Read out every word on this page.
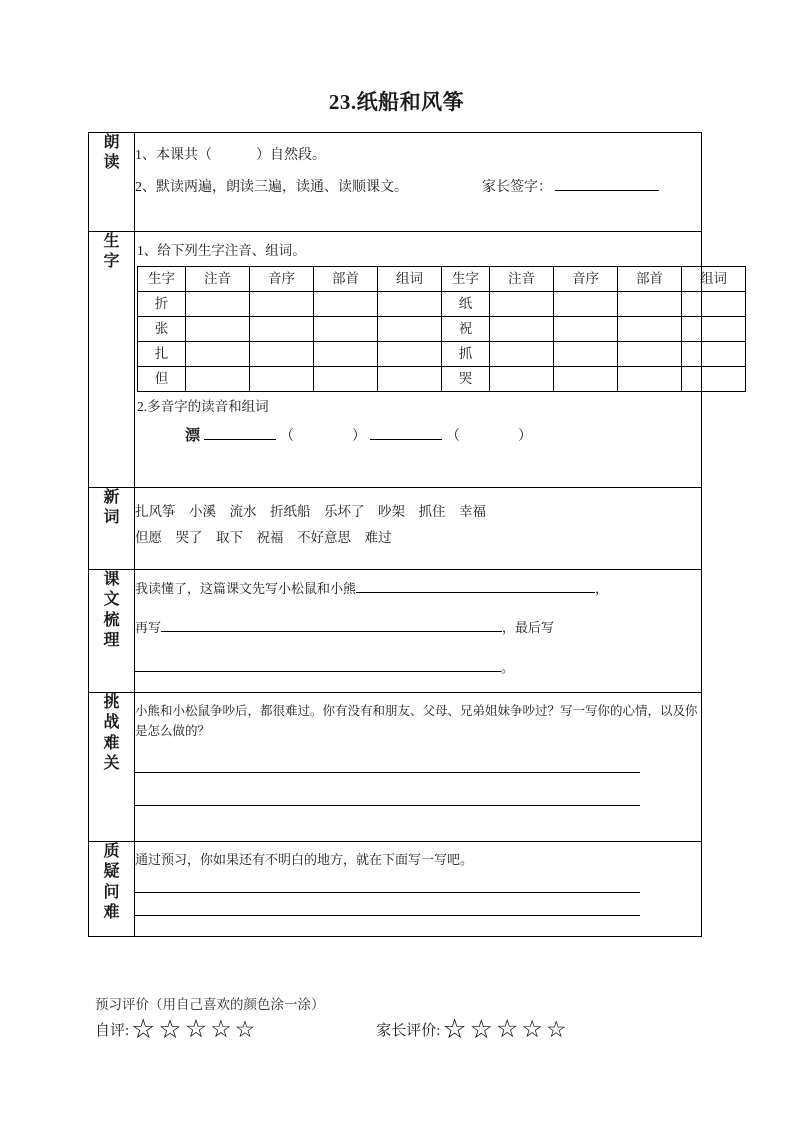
23.纸船和风筝
朗
读	1、本课共（	）自然段。
2、默读两遍，朗读三遍，读通、读顺课文。	家长签字：

生
字

1、给下列生字注音、组词。
生字	注音	音序	部首	组词	生字	注音	音序	部首	组词
折					纸				
张					祝				
扎					抓				
但					哭				
2.多音字的读音和组词
漂	（	）	（	）

新
词	扎风筝    小溪    流水    折纸船    乐坏了    吵架    抓住    幸福
但愿    哭了    取下    祝福    不好意思    难过

课
文
梳
理

我读懂了，这篇课文先写小松鼠和小熊	，
再写	，最后写
。

挑
战
难
关

小熊和小松鼠争吵后，都很难过。你有没有和朋友、父母、兄弟姐妹争吵过？写一写你的心情，以及你是怎么做的？

质
疑
问
难

通过预习，你如果还有不明白的地方，就在下面写一写吧。
预习评价（用自己喜欢的颜色涂一涂）
自评: ☆ ☆ ☆ ☆ ☆	家长评价: ☆ ☆ ☆ ☆ ☆
